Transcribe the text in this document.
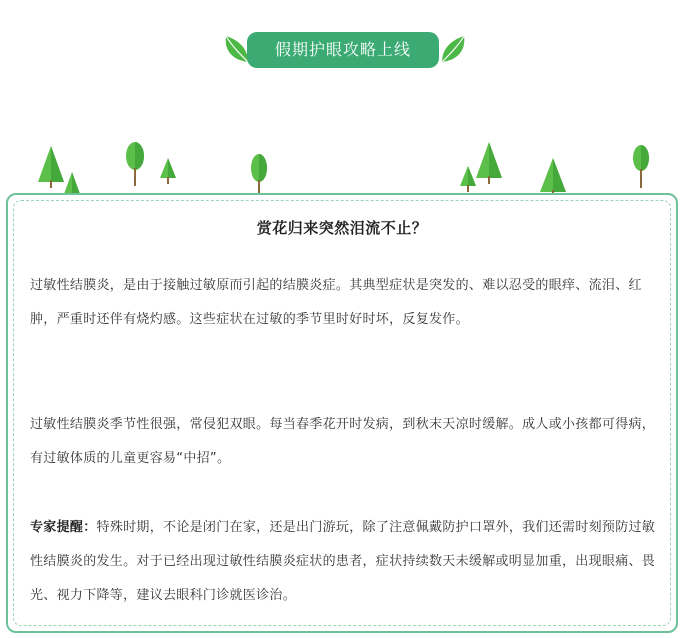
假期护眼攻略上线
赏花归来突然泪流不止？

过敏性结膜炎，是由于接触过敏原而引起的结膜炎症。其典型症状是突发的、难以忍受的眼痒、流泪、红肿，严重时还伴有烧灼感。这些症状在过敏的季节里时好时坏，反复发作。

过敏性结膜炎季节性很强，常侵犯双眼。每当春季花开时发病，到秋末天凉时缓解。成人或小孩都可得病，有过敏体质的儿童更容易“中招”。

专家提醒：特殊时期，不论是闭门在家，还是出门游玩，除了注意佩戴防护口罩外，我们还需时刻预防过敏性结膜炎的发生。对于已经出现过敏性结膜炎症状的患者，症状持续数天未缓解或明显加重，出现眼痛、畏光、视力下降等，建议去眼科门诊就医诊治。
